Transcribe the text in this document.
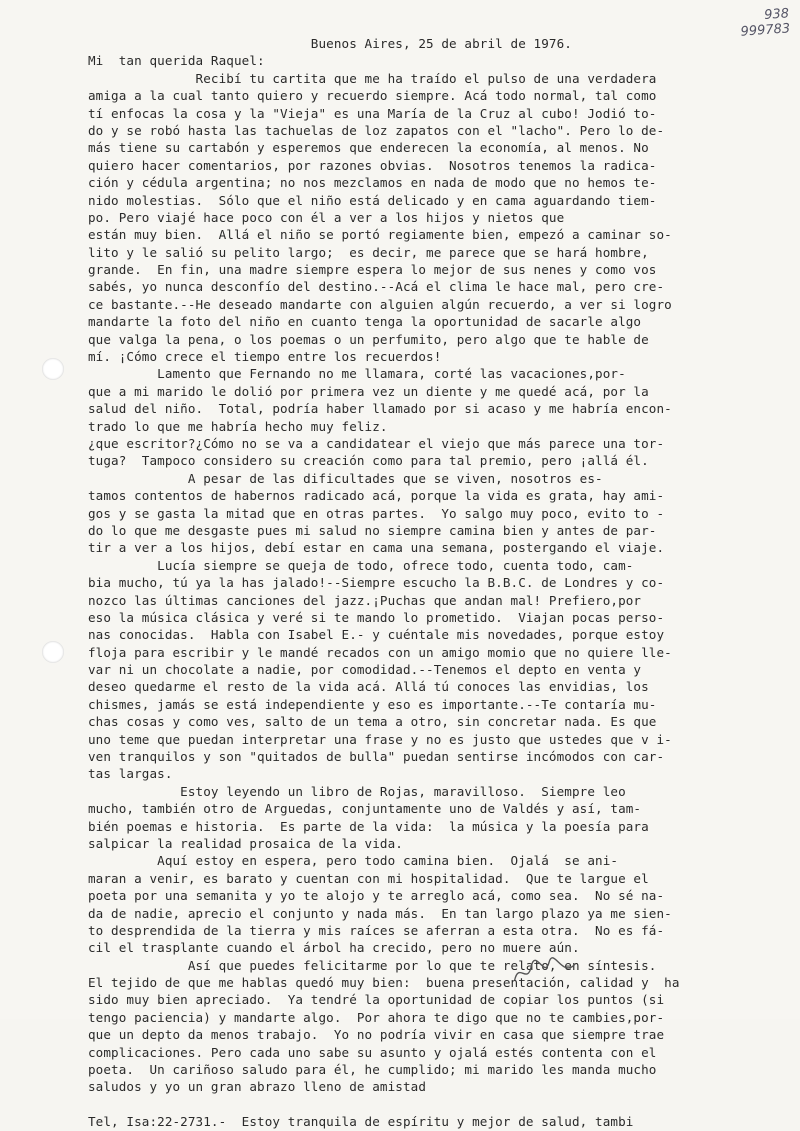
938
999783
Buenos Aires, 25 de abril de 1976.
Mi  tan querida Raquel:
Recibí tu cartita que me ha traído el pulso de una verdadera
amiga a la cual tanto quiero y recuerdo siempre. Acá todo normal, tal como
tí enfocas la cosa y la "Vieja" es una María de la Cruz al cubo! Jodió to-
do y se robó hasta las tachuelas de loz zapatos con el "lacho". Pero lo de-
más tiene su cartabón y esperemos que enderecen la economía, al menos. No
quiero hacer comentarios, por razones obvias.  Nosotros tenemos la radica-
ción y cédula argentina; no nos mezclamos en nada de modo que no hemos te-
nido molestias.  Sólo que el niño está delicado y en cama aguardando tiem-
po. Pero viajé hace poco con él a ver a los hijos y nietos que
están muy bien.  Allá el niño se portó regiamente bien, empezó a caminar so-
lito y le salió su pelito largo;  es decir, me parece que se hará hombre,
grande.  En fin, una madre siempre espera lo mejor de sus nenes y como vos
sabés, yo nunca desconfío del destino.--Acá el clima le hace mal, pero cre-
ce bastante.--He deseado mandarte con alguien algún recuerdo, a ver si logro
mandarte la foto del niño en cuanto tenga la oportunidad de sacarle algo
que valga la pena, o los poemas o un perfumito, pero algo que te hable de
mí. ¡Cómo crece el tiempo entre los recuerdos!
Lamento que Fernando no me llamara, corté las vacaciones,por-
que a mi marido le dolió por primera vez un diente y me quedé acá, por la
salud del niño.  Total, podría haber llamado por si acaso y me habría encon-
trado lo que me habría hecho muy feliz.
¿que escritor?¿Cómo no se va a candidatear el viejo que más parece una tor-
tuga?  Tampoco considero su creación como para tal premio, pero ¡allá él.
A pesar de las dificultades que se viven, nosotros es-
tamos contentos de habernos radicado acá, porque la vida es grata, hay ami-
gos y se gasta la mitad que en otras partes.  Yo salgo muy poco, evito to -
do lo que me desgaste pues mi salud no siempre camina bien y antes de par-
tir a ver a los hijos, debí estar en cama una semana, postergando el viaje.
Lucía siempre se queja de todo, ofrece todo, cuenta todo, cam-
bia mucho, tú ya la has jalado!--Siempre escucho la B.B.C. de Londres y co-
nozco las últimas canciones del jazz.¡Puchas que andan mal! Prefiero,por
eso la música clásica y veré si te mando lo prometido.  Viajan pocas perso-
nas conocidas.  Habla con Isabel E.- y cuéntale mis novedades, porque estoy
floja para escribir y le mandé recados con un amigo momio que no quiere lle-
var ni un chocolate a nadie, por comodidad.--Tenemos el depto en venta y
deseo quedarme el resto de la vida acá. Allá tú conoces las envidias, los
chismes, jamás se está independiente y eso es importante.--Te contaría mu-
chas cosas y como ves, salto de un tema a otro, sin concretar nada. Es que
uno teme que puedan interpretar una frase y no es justo que ustedes que v i-
ven tranquilos y son "quitados de bulla" puedan sentirse incómodos con car-
tas largas.
Estoy leyendo un libro de Rojas, maravilloso.  Siempre leo
mucho, también otro de Arguedas, conjuntamente uno de Valdés y así, tam-
bién poemas e historia.  Es parte de la vida:  la música y la poesía para
salpicar la realidad prosaica de la vida.
Aquí estoy en espera, pero todo camina bien.  Ojalá  se ani-
maran a venir, es barato y cuentan con mi hospitalidad.  Que te largue el
poeta por una semanita y yo te alojo y te arreglo acá, como sea.  No sé na-
da de nadie, aprecio el conjunto y nada más.  En tan largo plazo ya me sien-
to desprendida de la tierra y mis raíces se aferran a esta otra.  No es fá-
cil el trasplante cuando el árbol ha crecido, pero no muere aún.
Así que puedes felicitarme por lo que te relato, en síntesis.
El tejido de que me hablas quedó muy bien:  buena presentación, calidad y  ha
sido muy bien apreciado.  Ya tendré la oportunidad de copiar los puntos (si
tengo paciencia) y mandarte algo.  Por ahora te digo que no te cambies,por-
que un depto da menos trabajo.  Yo no podría vivir en casa que siempre trae
complicaciones. Pero cada uno sabe su asunto y ojalá estés contenta con el
poeta.  Un cariñoso saludo para él, he cumplido; mi marido les manda mucho
saludos y yo un gran abrazo lleno de amistad
Tel, Isa:22-2731.-  Estoy tranquila de espíritu y mejor de salud, tambi
